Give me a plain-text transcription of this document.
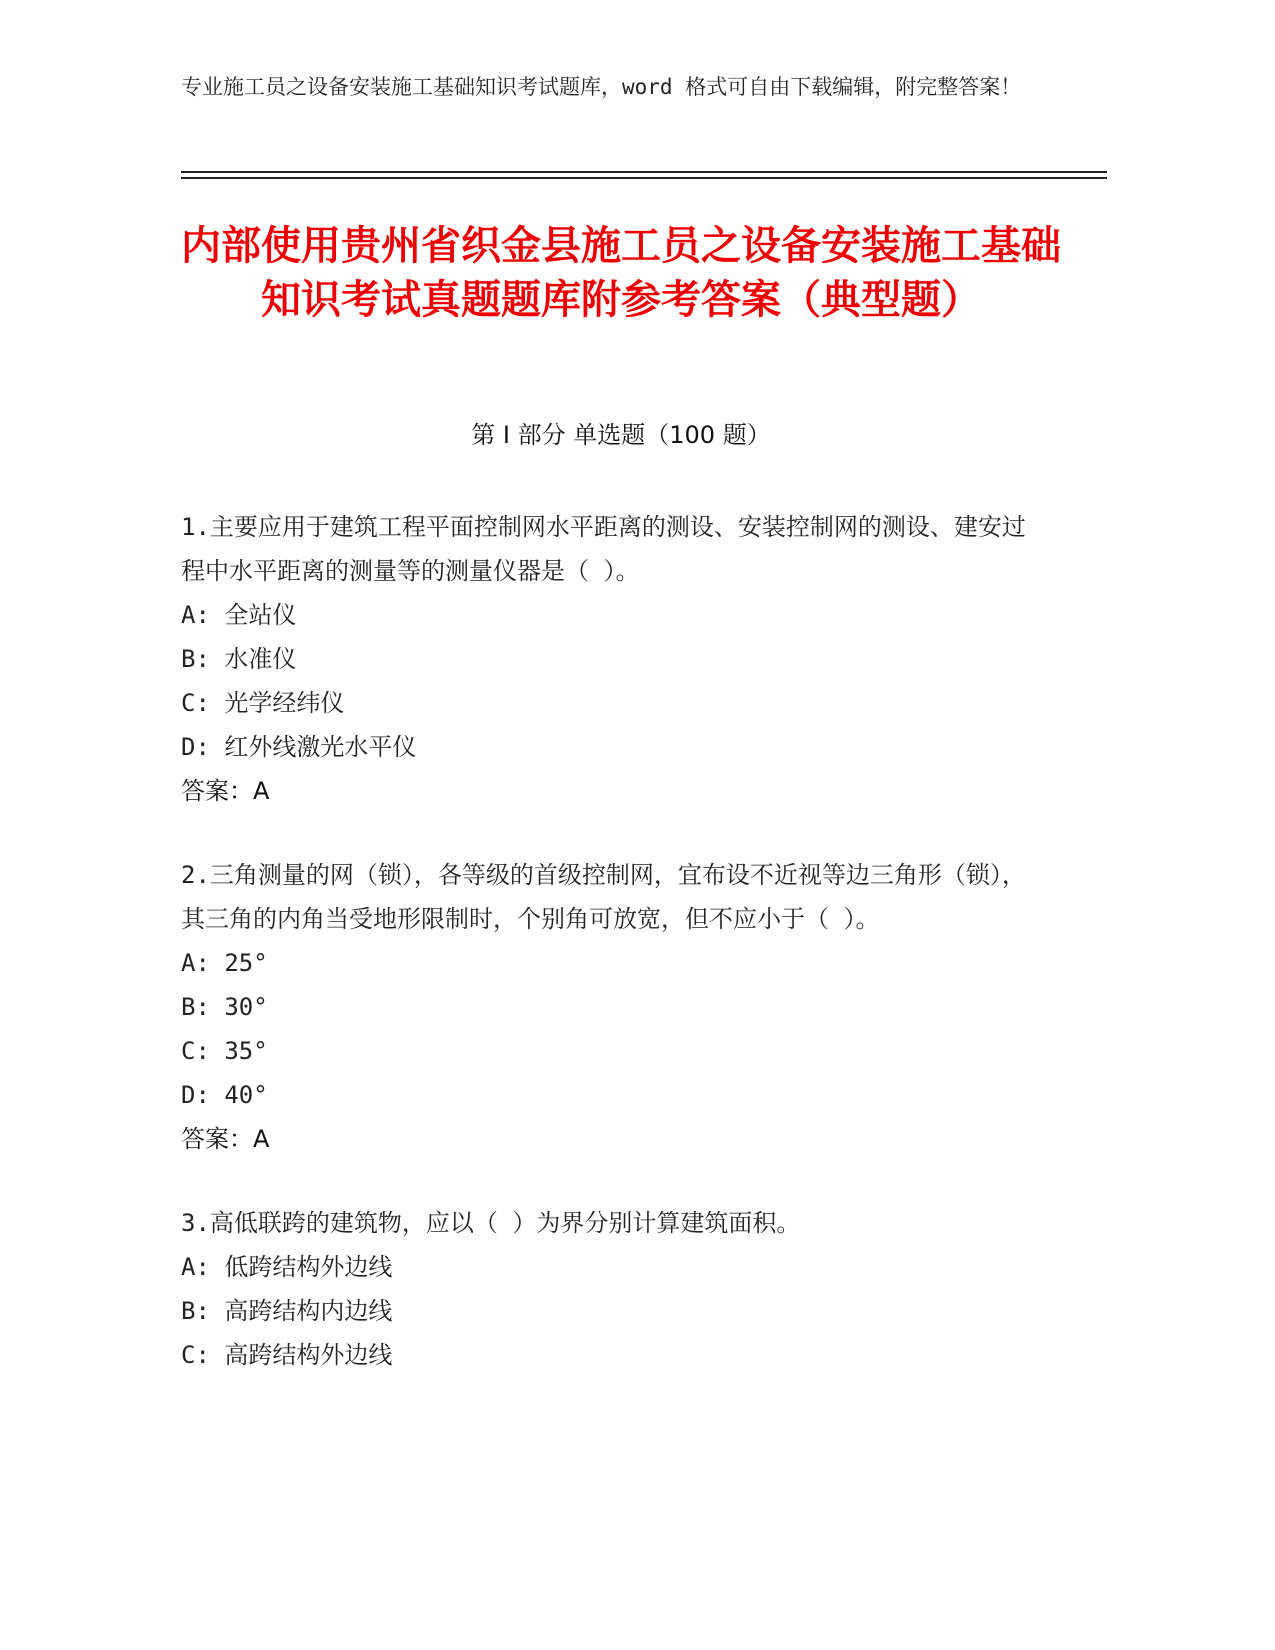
专业施工员之设备安装施工基础知识考试题库，word 格式可自由下载编辑，附完整答案！
内部使用贵州省织金县施工员之设备安装施工基础知识考试真题题库附参考答案（典型题）
第 I 部分 单选题（100 题）

1.主要应用于建筑工程平面控制网水平距离的测设、安装控制网的测设、建安过程中水平距离的测量等的测量仪器是（ ）。

A: 全站仪

B: 水准仪

C: 光学经纬仪

D: 红外线激光水平仪

答案：A

2.三角测量的网（锁），各等级的首级控制网，宜布设不近视等边三角形（锁），其三角的内角当受地形限制时，个别角可放宽，但不应小于（ ）。

A: 25°

B: 30°

C: 35°

D: 40°

答案：A

3.高低联跨的建筑物，应以（ ）为界分别计算建筑面积。

A: 低跨结构外边线

B: 高跨结构内边线

C: 高跨结构外边线
